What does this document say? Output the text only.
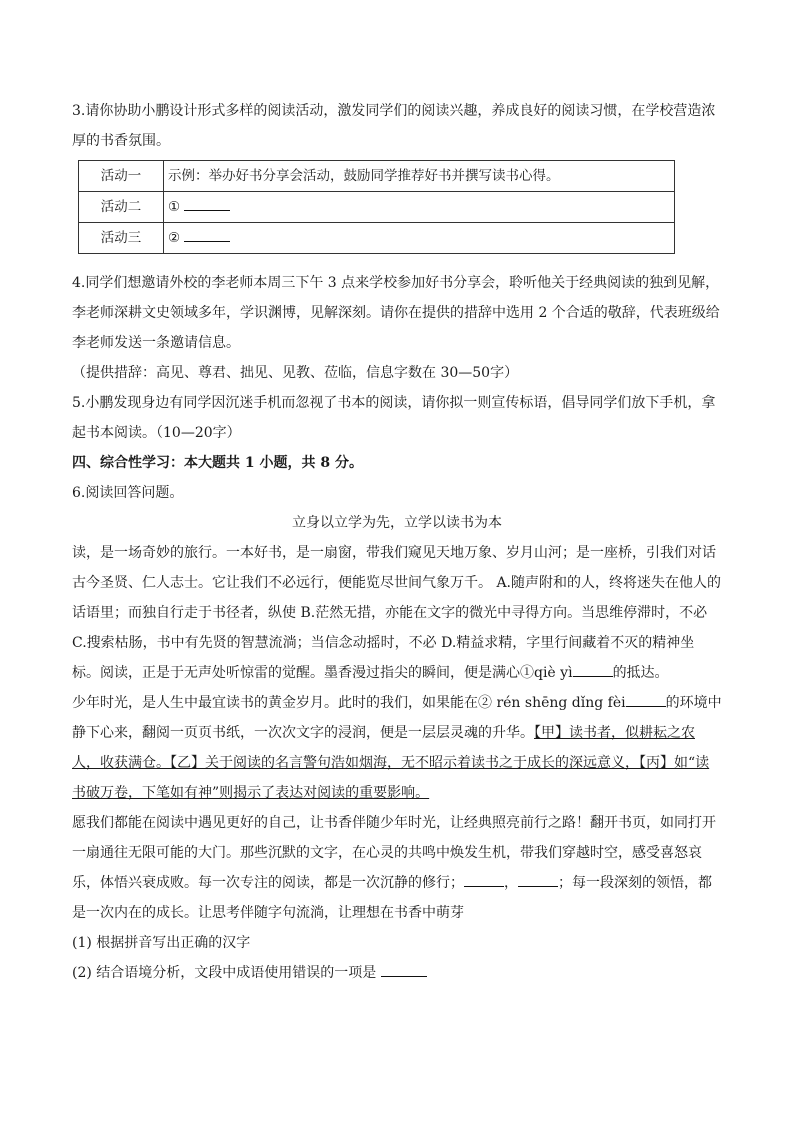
3.请你协助小鹏设计形式多样的阅读活动，激发同学们的阅读兴趣，养成良好的阅读习惯，在学校营造浓厚的书香氛围。

活动一	示例：举办好书分享会活动，鼓励同学推荐好书并撰写读书心得。
活动二	①
活动三	②

4.同学们想邀请外校的李老师本周三下午 3 点来学校参加好书分享会，聆听他关于经典阅读的独到见解，李老师深耕文史领域多年，学识渊博，见解深刻。请你在提供的措辞中选用 2 个合适的敬辞，代表班级给李老师发送一条邀请信息。

（提供措辞：高见、尊君、拙见、见教、莅临，信息字数在 30—50字）

5.小鹏发现身边有同学因沉迷手机而忽视了书本的阅读，请你拟一则宣传标语，倡导同学们放下手机，拿起书本阅读。（10—20字）

四、综合性学习：本大题共 1 小题，共 8 分。

6.阅读回答问题。

立身以立学为先，立学以读书为本

读，是一场奇妙的旅行。一本好书，是一扇窗，带我们窥见天地万象、岁月山河；是一座桥，引我们对话古今圣贤、仁人志士。它让我们不必远行，便能览尽世间气象万千。 A.随声附和的人，终将迷失在他人的话语里；而独自行走于书径者，纵使 B.茫然无措，亦能在文字的微光中寻得方向。当思维停滞时，不必 C.搜索枯肠，书中有先贤的智慧流淌；当信念动摇时，不必 D.精益求精，字里行间藏着不灭的精神坐标。阅读，正是于无声处听惊雷的觉醒。墨香漫过指尖的瞬间，便是满心①qiè yì	的抵达。

少年时光，是人生中最宜读书的黄金岁月。此时的我们，如果能在② rén shēng dǐng fèi	的环境中静下心来，翻阅一页页书纸，一次次文字的浸润，便是一层层灵魂的升华。【甲】读书者，似耕耘之农人，收获满仓。【乙】关于阅读的名言警句浩如烟海，无不昭示着读书之于成长的深远意义，【丙】如“读书破万卷，下笔如有神”则揭示了表达对阅读的重要影响。

愿我们都能在阅读中遇见更好的自己，让书香伴随少年时光，让经典照亮前行之路！翻开书页，如同打开一扇通往无限可能的大门。那些沉默的文字，在心灵的共鸣中焕发生机，带我们穿越时空，感受喜怒哀乐，体悟兴衰成败。每一次专注的阅读，都是一次沉静的修行；	，	；每一段深刻的领悟，都是一次内在的成长。让思考伴随字句流淌，让理想在书香中萌芽

(1) 根据拼音写出正确的汉字

(2) 结合语境分析，文段中成语使用错误的一项是
